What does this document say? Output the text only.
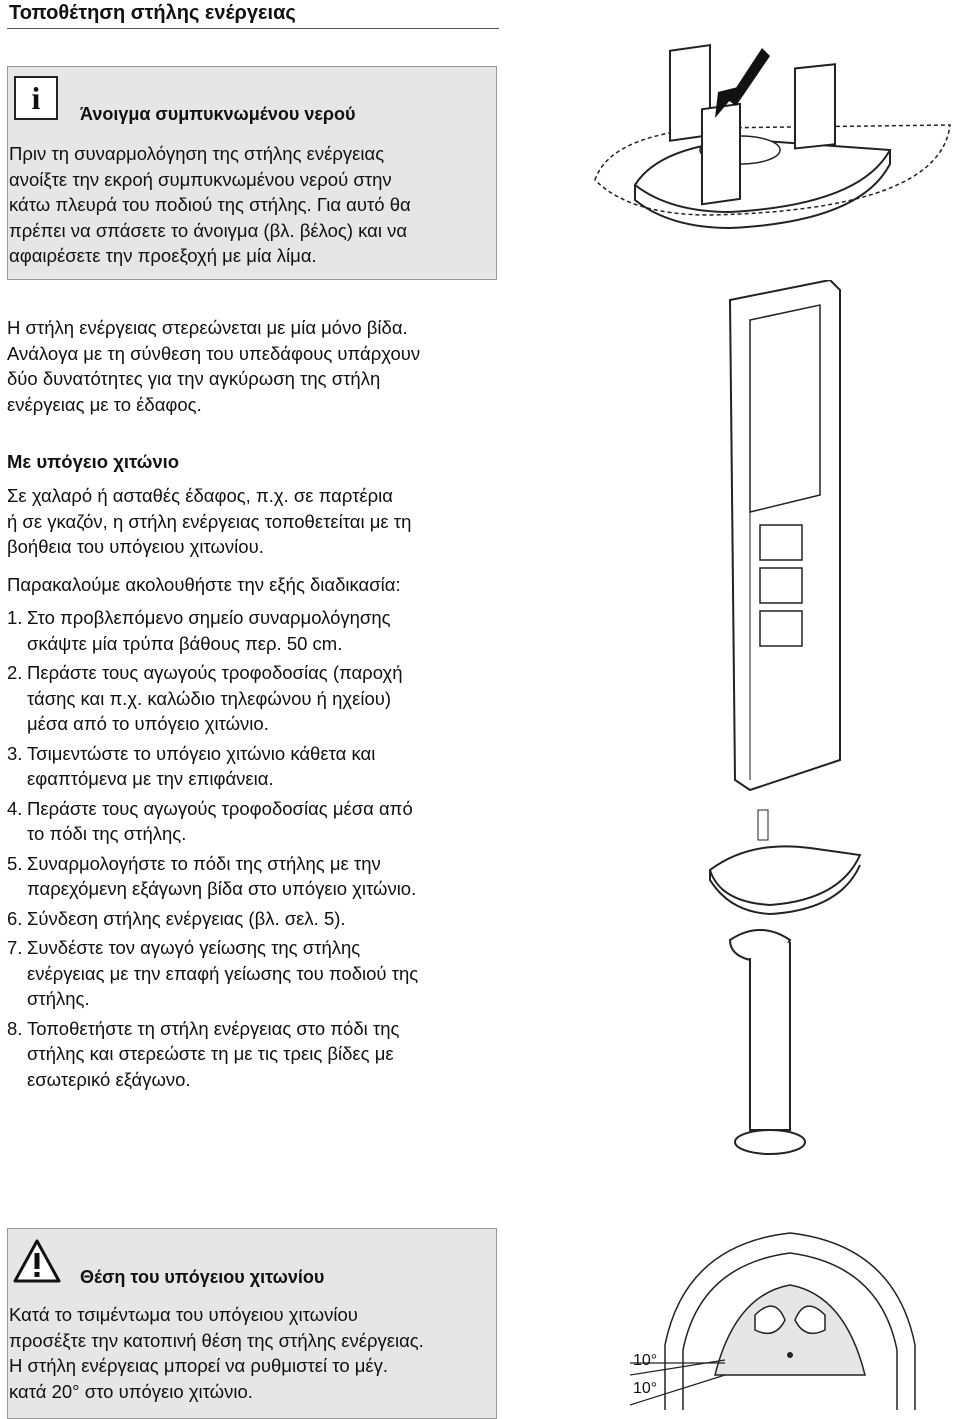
Τοποθέτηση στήλης ενέργειας
i	Άνοιγμα συμπυκνωμένου νερού
Πριν τη συναρμολόγηση της στήλης ενέργειας
ανοίξτε την εκροή συμπυκνωμένου νερού στην
κάτω πλευρά του ποδιού της στήλης. Για αυτό θα
πρέπει να σπάσετε το άνοιγμα (βλ. βέλος) και να
αφαιρέσετε την προεξοχή με μία λίμα.
Η στήλη ενέργειας στερεώνεται με μία μόνο βίδα.
Ανάλογα με τη σύνθεση του υπεδάφους υπάρχουν
δύο δυνατότητες για την αγκύρωση της στήλη
ενέργειας με το έδαφος.
Με υπόγειο χιτώνιο
Σε χαλαρό ή ασταθές έδαφος, π.χ. σε παρτέρια
ή σε γκαζόν, η στήλη ενέργειας τοποθετείται με τη
βοήθεια του υπόγειου χιτωνίου.
Παρακαλούμε ακολουθήστε την εξής διαδικασία:
1. Στο προβλεπόμενο σημείο συναρμολόγησης
σκάψτε μία τρύπα βάθους περ. 50 cm.
2. Περάστε τους αγωγούς τροφοδοσίας (παροχή
τάσης και π.χ. καλώδιο τηλεφώνου ή ηχείου)
μέσα από το υπόγειο χιτώνιο.
3. Τσιμεντώστε το υπόγειο χιτώνιο κάθετα και
εφαπτόμενα με την επιφάνεια.
4. Περάστε τους αγωγούς τροφοδοσίας μέσα από
το πόδι της στήλης.
5. Συναρμολογήστε το πόδι της στήλης με την
παρεχόμενη εξάγωνη βίδα στο υπόγειο χιτώνιο.
6. Σύνδεση στήλης ενέργειας (βλ. σελ. 5).
7. Συνδέστε τον αγωγό γείωσης της στήλης
ενέργειας με την επαφή γείωσης του ποδιού της
στήλης.
8. Τοποθετήστε τη στήλη ενέργειας στο πόδι της
στήλης και στερεώστε τη με τις τρεις βίδες με
εσωτερικό εξάγωνο.
Θέση του υπόγειου χιτωνίου
Κατά το τσιμέντωμα του υπόγειου χιτωνίου
προσέξτε την κατοπινή θέση της στήλης ενέργειας.
Η στήλη ενέργειας μπορεί να ρυθμιστεί το μέγ.
κατά 20° στο υπόγειο χιτώνιο.
10°
10°
